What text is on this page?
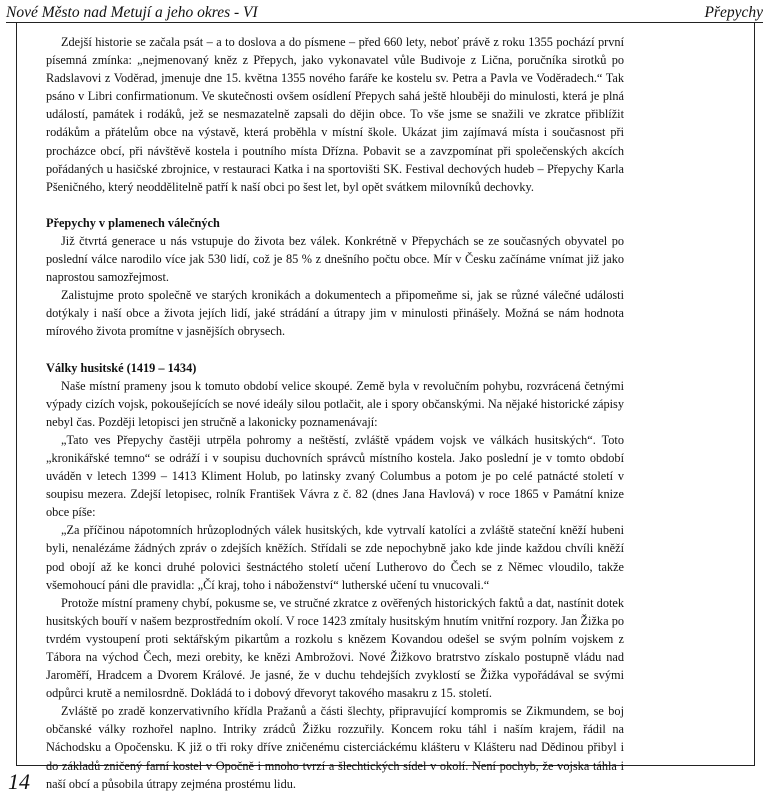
Nové Město nad Metují a jeho okres - VI	Přepychy

Zdejší historie se začala psát – a to doslova a do písmene – před 660 lety, neboť právě z roku 1355 pochází první písemná zmínka: „nejmenovaný kněz z Přepych, jako vykonavatel vůle Budivoje z Lična, poručníka sirotků po Radslavovi z Voděrad, jmenuje dne 15. května 1355 nového faráře ke kostelu sv. Petra a Pavla ve Voděradech.“ Tak psáno v Libri confirmationum. Ve skutečnosti ovšem osídlení Přepych sahá ještě hlouběji do minulosti, která je plná událostí, památek i rodáků, jež se nesmazatelně zapsali do dějin obce. To vše jsme se snažili ve zkratce přiblížit rodákům a přátelům obce na výstavě, která proběhla v místní škole. Ukázat jim zajímavá místa i současnost při procházce obcí, při návštěvě kostela i poutního místa Dřízna. Pobavit se a zavzpomínat při společenských akcích pořádaných u hasičské zbrojnice, v restauraci Katka i na sportovišti SK. Festival dechových hudeb – Přepychy Karla Pšeničného, který neoddělitelně patří k naší obci po šest let, byl opět svátkem milovníků dechovky.

Přepychy v plamenech válečných

Již čtvrtá generace u nás vstupuje do života bez válek. Konkrétně v Přepychách se ze současných obyvatel po poslední válce narodilo více jak 530 lidí, což je 85 % z dnešního počtu obce. Mír v Česku začínáme vnímat již jako naprostou samozřejmost.

Zalistujme proto společně ve starých kronikách a dokumentech a připomeňme si, jak se různé válečné události dotýkaly i naší obce a života jejích lidí, jaké strádání a útrapy jim v minulosti přinášely. Možná se nám hodnota mírového života promítne v jasnějších obrysech.

Války husitské (1419 – 1434)

Naše místní prameny jsou k tomuto období velice skoupé. Země byla v revolučním pohybu, rozvrácená četnými výpady cizích vojsk, pokoušejících se nové ideály silou potlačit, ale i spory občanskými. Na nějaké historické zápisy nebyl čas. Později letopisci jen stručně a lakonicky poznamenávají:

„Tato ves Přepychy častěji utrpěla pohromy a neštěstí, zvláště vpádem vojsk ve válkách husitských“. Toto „kronikářské temno“ se odráží i v soupisu duchovních správců místního kostela. Jako poslední je v tomto období uváděn v letech 1399 – 1413 Kliment Holub, po latinsky zvaný Columbus a potom je po celé patnácté století v soupisu mezera. Zdejší letopisec, rolník František Vávra z č. 82 (dnes Jana Havlová) v roce 1865 v Památní knize obce píše:

„Za příčinou nápotomních hrůzoplodných válek husitských, kde vytrvalí katolíci a zvláště stateční kněží hubeni byli, nenalézáme žádných zpráv o zdejších kněžích. Střídali se zde nepochybně jako kde jinde každou chvíli kněží pod obojí až ke konci druhé polovici šestnáctého století učení Lutherovo do Čech se z Němec vloudilo, takže všemohoucí páni dle pravidla: „Čí kraj, toho i náboženství“ lutherské učení tu vnucovali.“

Protože místní prameny chybí, pokusme se, ve stručné zkratce z ověřených historických faktů a dat, nastínit dotek husitských bouří v našem bezprostředním okolí. V roce 1423 zmítaly husitským hnutím vnitřní rozpory. Jan Žižka po tvrdém vystoupení proti sektářským pikartům a rozkolu s knězem Kovandou odešel se svým polním vojskem z Tábora na východ Čech, mezi orebity, ke knězi Ambrožovi. Nové Žižkovo bratrstvo získalo postupně vládu nad Jaroměří, Hradcem a Dvorem Králové. Je jasné, že v duchu tehdejších zvyklostí se Žižka vypořádával se svými odpůrci krutě a nemilosrdně. Dokládá to i dobový dřevoryt takového masakru z 15. století.

Zvláště po zradě konzervativního křídla Pražanů a části šlechty, připravující kompromis se Zikmundem, se boj občanské války rozhořel naplno. Intriky zrádců Žižku rozzuřily. Koncem roku táhl i naším krajem, řádil na Náchodsku a Opočensku. K již o tři roky dříve zničenému cisterciáckému klášteru v Klášteru nad Dědinou přibyl i do základů zničený farní kostel v Opočně i mnoho tvrzí a šlechtických sídel v okolí. Není pochyb, že vojska táhla i naší obcí a působila útrapy zejména prostému lidu.

14
